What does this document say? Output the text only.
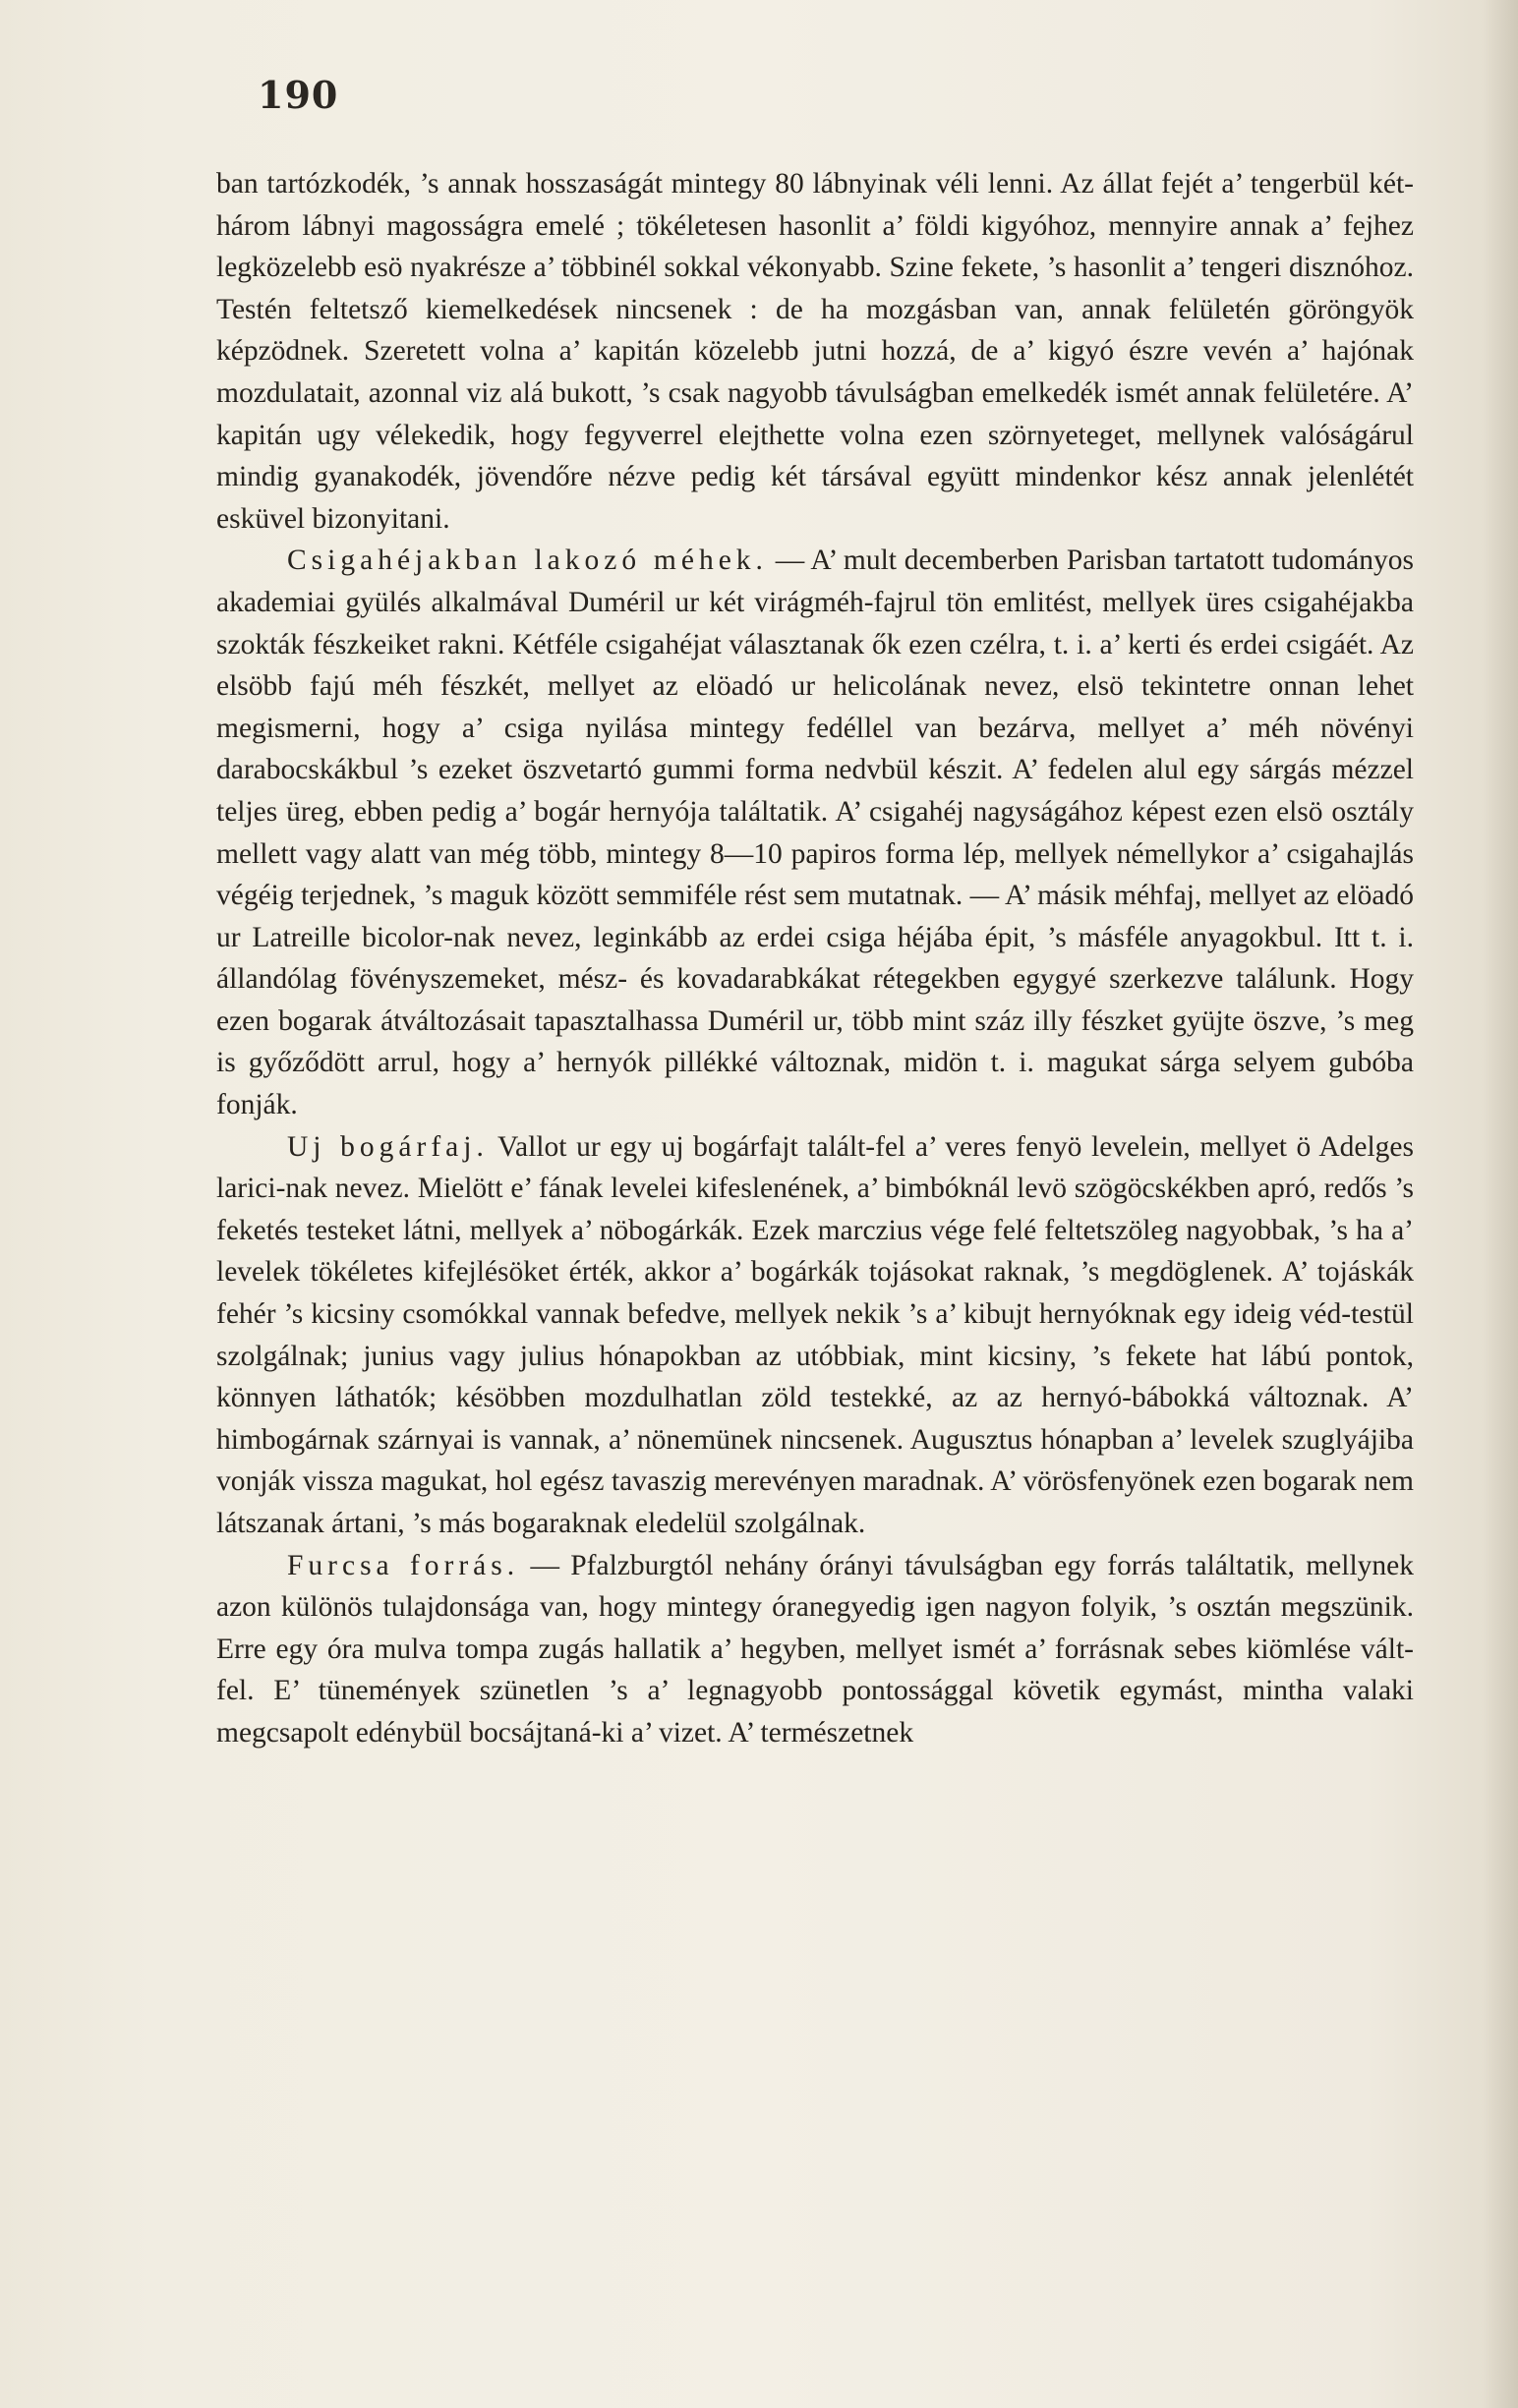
190

ban tartózkodék, ’s annak hosszaságát mintegy 80 lábnyinak véli lenni. Az állat fejét a’ tengerbül két-három lábnyi magosságra emelé ; tökéletesen hasonlit a’ földi kigyóhoz, mennyire annak a’ fejhez legközelebb esö nyakrésze a’ többinél sokkal vékonyabb. Szine fekete, ’s hasonlit a’ tengeri disznóhoz. Testén feltetsző kiemelkedések nincsenek : de ha mozgásban van, annak felületén göröngyök képzödnek. Szeretett volna a’ kapitán közelebb jutni hozzá, de a’ kigyó észre vevén a’ hajónak mozdulatait, azonnal viz alá bukott, ’s csak nagyobb távulságban emelkedék ismét annak felületére. A’ kapitán ugy vélekedik, hogy fegyverrel elejthette volna ezen szörnyeteget, mellynek valóságárul mindig gyanakodék, jövendőre nézve pedig két társával együtt mindenkor kész annak jelenlétét esküvel bizonyitani.

Csigahéjakban lakozó méhek. — A’ mult decemberben Parisban tartatott tudományos akademiai gyülés alkalmával Duméril ur két virágméh-fajrul tön emlitést, mellyek üres csigahéjakba szokták fészkeiket rakni. Kétféle csigahéjat választanak ők ezen czélra, t. i. a’ kerti és erdei csigáét. Az elsöbb fajú méh fészkét, mellyet az elöadó ur helicolának nevez, elsö tekintetre onnan lehet megismerni, hogy a’ csiga nyilása mintegy fedéllel van bezárva, mellyet a’ méh növényi darabocskákbul ’s ezeket öszvetartó gummi forma nedvbül készit. A’ fedelen alul egy sárgás mézzel teljes üreg, ebben pedig a’ bogár hernyója találtatik. A’ csigahéj nagyságához képest ezen elsö osztály mellett vagy alatt van még több, mintegy 8—10 papiros forma lép, mellyek némellykor a’ csigahajlás végéig terjednek, ’s maguk között semmiféle rést sem mutatnak. — A’ másik méhfaj, mellyet az elöadó ur Latreille bicolor-nak nevez, leginkább az erdei csiga héjába épit, ’s másféle anyagokbul. Itt t. i. állandólag fövényszemeket, mész- és kovadarabkákat rétegekben egygyé szerkezve találunk. Hogy ezen bogarak átváltozásait tapasztalhassa Duméril ur, több mint száz illy fészket gyüjte öszve, ’s meg is győződött arrul, hogy a’ hernyók pillékké változnak, midön t. i. magukat sárga selyem gubóba fonják.

Uj bogárfaj. Vallot ur egy uj bogárfajt talált-fel a’ veres fenyö levelein, mellyet ö Adelges larici-nak nevez. Mielött e’ fának levelei kifeslenének, a’ bimbóknál levö szögöcskékben apró, redős ’s feketés testeket látni, mellyek a’ nöbogárkák. Ezek marczius vége felé feltetszöleg nagyobbak, ’s ha a’ levelek tökéletes kifejlésöket érték, akkor a’ bogárkák tojásokat raknak, ’s megdöglenek. A’ tojáskák fehér ’s kicsiny csomókkal vannak befedve, mellyek nekik ’s a’ kibujt hernyóknak egy ideig véd-testül szolgálnak; junius vagy julius hónapokban az utóbbiak, mint kicsiny, ’s fekete hat lábú pontok, könnyen láthatók; késöbben mozdulhatlan zöld testekké, az az hernyó-bábokká változnak. A’ himbogárnak szárnyai is vannak, a’ nönemünek nincsenek. Augusztus hónapban a’ levelek szuglyájiba vonják vissza magukat, hol egész tavaszig merevényen maradnak. A’ vörösfenyönek ezen bogarak nem látszanak ártani, ’s más bogaraknak eledelül szolgálnak.

Furcsa forrás. — Pfalzburgtól nehány órányi távulságban egy forrás találtatik, mellynek azon különös tulajdonsága van, hogy mintegy óranegyedig igen nagyon folyik, ’s osztán megszünik. Erre egy óra mulva tompa zugás hallatik a’ hegyben, mellyet ismét a’ forrásnak sebes kiömlése vált-fel. E’ tünemények szünetlen ’s a’ legnagyobb pontossággal követik egymást, mintha valaki megcsapolt edénybül bocsájtaná-ki a’ vizet. A’ természetnek
